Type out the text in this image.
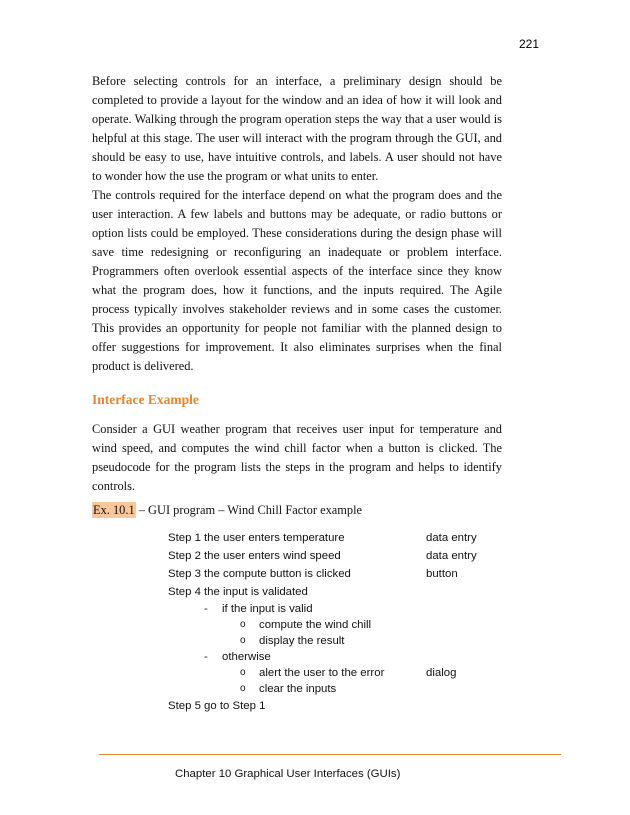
221

Before selecting controls for an interface, a preliminary design should be completed to provide a layout for the window and an idea of how it will look and operate. Walking through the program operation steps the way that a user would is helpful at this stage. The user will interact with the program through the GUI, and should be easy to use, have intuitive controls, and labels. A user should not have to wonder how the use the program or what units to enter.

The controls required for the interface depend on what the program does and the user interaction. A few labels and buttons may be adequate, or radio buttons or option lists could be employed. These considerations during the design phase will save time redesigning or reconfiguring an inadequate or problem interface. Programmers often overlook essential aspects of the interface since they know what the program does, how it functions, and the inputs required. The Agile process typically involves stakeholder reviews and in some cases the customer. This provides an opportunity for people not familiar with the planned design to offer suggestions for improvement. It also eliminates surprises when the final product is delivered.

Interface Example

Consider a GUI weather program that receives user input for temperature and wind speed, and computes the wind chill factor when a button is clicked. The pseudocode for the program lists the steps in the program and helps to identify controls.

Ex. 10.1 – GUI program – Wind Chill Factor example
Step 1 the user enters temperature	data entry
Step 2 the user enters wind speed	data entry
Step 3 the compute button is clicked	button
Step 4 the input is validated
- if the input is valid
o compute the wind chill
o display the result
- otherwise
o alert the user to the error	dialog
o clear the inputs
Step 5 go to Step 1
Chapter 10 Graphical User Interfaces (GUIs)
